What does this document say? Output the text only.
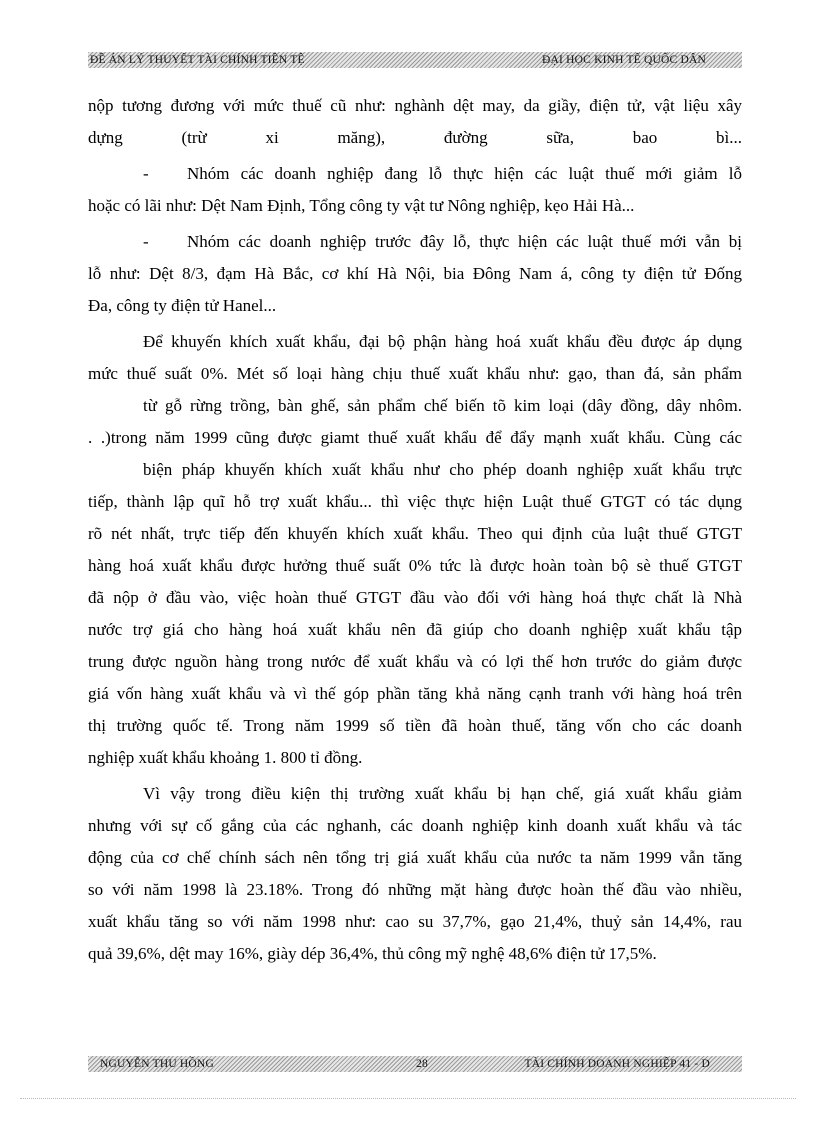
ĐỀ ÁN LÝ THUYẾT TÀI CHÍNH TIỀN TỆ	ĐẠI HỌC KINH TẾ QUỐC DÂN
nộp tương đương với mức thuế cũ như: nghành dệt may, da giầy, điện tử, vật liệu xây
dựng (trừ xi măng), đường sữa, bao bì...
- Nhóm các doanh nghiệp đang lỗ thực hiện các luật thuế mới giảm lỗ
hoặc có lãi như: Dệt Nam Định, Tổng công ty vật tư Nông nghiệp, kẹo Hải Hà...
- Nhóm các doanh nghiệp trước đây lỗ, thực hiện các luật thuế mới vẫn bị
lỗ như: Dệt 8/3, đạm Hà Bắc, cơ khí Hà Nội, bia Đông Nam á, công ty điện tử Đống
Đa, công ty điện tử Hanel...
Để khuyến khích xuất khẩu, đại bộ phận hàng hoá xuất khẩu đều được áp dụng
mức thuế suất 0%. Mét số loại hàng chịu thuế xuất khẩu như: gạo, than đá, sản phẩm
từ gỗ rừng trồng, bàn ghế, sản phẩm chế biến tõ kim loại (dây đồng, dây nhôm.
. .)trong năm 1999 cũng được giamt thuế xuất khẩu để đẩy mạnh xuất khẩu. Cùng các
biện pháp khuyến khích xuất khẩu như cho phép doanh nghiệp xuất khẩu trực
tiếp, thành lập quĩ hỗ trợ xuất khẩu... thì việc thực hiện Luật thuế GTGT có tác dụng
rõ nét nhất, trực tiếp đến khuyến khích xuất khẩu. Theo qui định của luật thuế GTGT
hàng hoá xuất khẩu được hưởng thuế suất 0% tức là được hoàn toàn bộ sè thuế GTGT
đã nộp ở đầu vào, việc hoàn thuế GTGT đầu vào đối với hàng hoá thực chất là Nhà
nước trợ giá cho hàng hoá xuất khẩu nên đã giúp cho doanh nghiệp xuất khẩu tập
trung được nguồn hàng trong nước để xuất khẩu và có lợi thế hơn trước do giảm được
giá vốn hàng xuất khẩu và vì thế góp phần tăng khả năng cạnh tranh với hàng hoá trên
thị trường quốc tế. Trong năm 1999 số tiền đã hoàn thuế, tăng vốn cho các doanh
nghiệp xuất khẩu khoảng 1. 800 tỉ đồng.
Vì vậy trong điều kiện thị trường xuất khẩu bị hạn chế, giá xuất khẩu giảm
nhưng với sự cố gắng của các nghanh, các doanh nghiệp kinh doanh xuất khẩu và tác
động của cơ chế chính sách nên tổng trị giá xuất khẩu của nước ta năm 1999 vẫn tăng
so với năm 1998 là 23.18%. Trong đó những mặt hàng được hoàn thế đầu vào nhiều,
xuất khẩu tăng so với năm 1998 như: cao su 37,7%, gạo 21,4%, thuỷ sản 14,4%, rau
quả 39,6%, dệt may 16%, giày dép 36,4%, thủ công mỹ nghệ 48,6% điện tử 17,5%.
NGUYỄN THU HỒNG	28	TÀI CHÍNH DOANH NGHIỆP 41 - D
